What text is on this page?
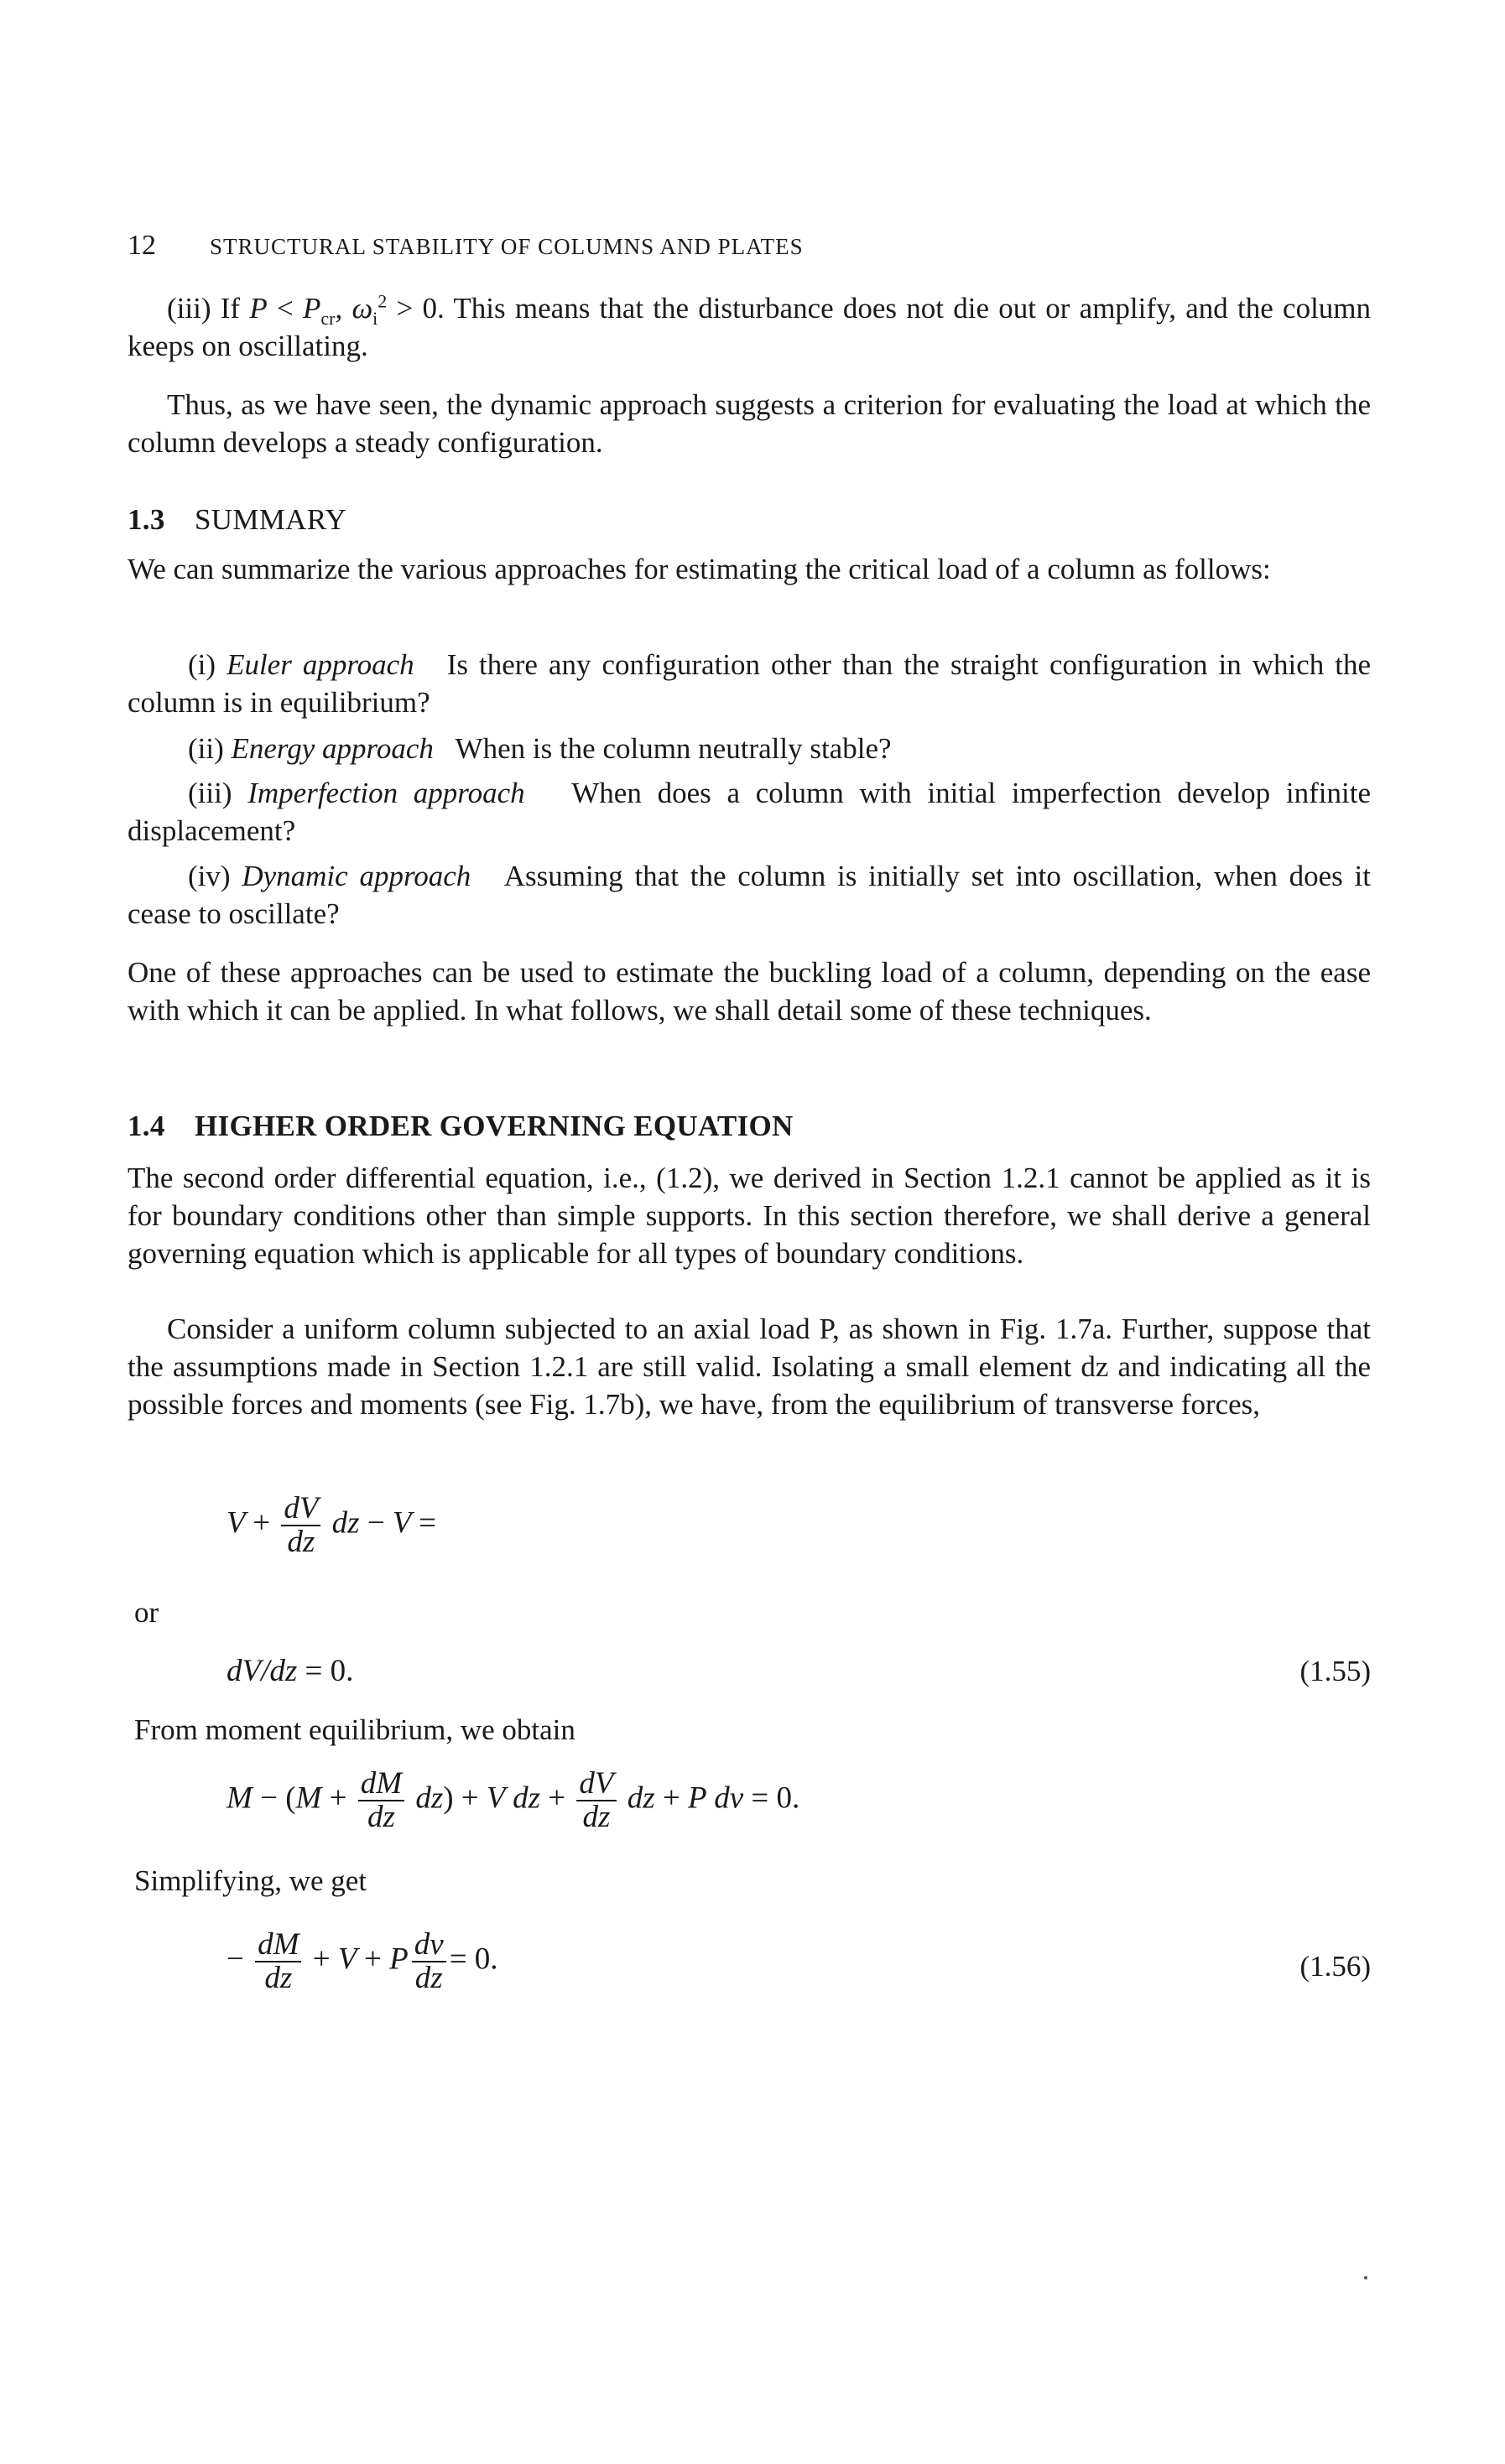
12 STRUCTURAL STABILITY OF COLUMNS AND PLATES
(iii) If $P < P_{cr}$, $\omega_i^2 > 0$. This means that the disturbance does not die out or amplify, and the column keeps on oscillating.
Thus, as we have seen, the dynamic approach suggests a criterion for evaluating the load at which the column develops a steady configuration.
1.3 SUMMARY
We can summarize the various approaches for estimating the critical load of a column as follows:
(i) Euler approach Is there any configuration other than the straight configuration in which the column is in equilibrium?
(ii) Energy approach When is the column neutrally stable?
(iii) Imperfection approach When does a column with initial imperfection develop infinite displacement?
(iv) Dynamic approach Assuming that the column is initially set into oscillation, when does it cease to oscillate?
One of these approaches can be used to estimate the buckling load of a column, depending on the ease with which it can be applied. In what follows, we shall detail some of these techniques.
1.4 HIGHER ORDER GOVERNING EQUATION
The second order differential equation, i.e., (1.2), we derived in Section 1.2.1 cannot be applied as it is for boundary conditions other than simple supports. In this section therefore, we shall derive a general governing equation which is applicable for all types of boundary conditions.
Consider a uniform column subjected to an axial load P, as shown in Fig. 1.7a. Further, suppose that the assumptions made in Section 1.2.1 are still valid. Isolating a small element dz and indicating all the possible forces and moments (see Fig. 1.7b), we have, from the equilibrium of transverse forces,
$V + \frac{dV}{dz}$ dz − V =
or
dV/dz = 0.	(1.55)
From moment equilibrium, we obtain
$M - (M + \frac{dM}{dz} dz) + V$ dz + $\frac{dV}{dz}$ dz + P dv = 0.
Simplifying, we get
− $\frac{dM}{dz} + V + P \frac{dv}{dz} = 0$.	(1.56)
